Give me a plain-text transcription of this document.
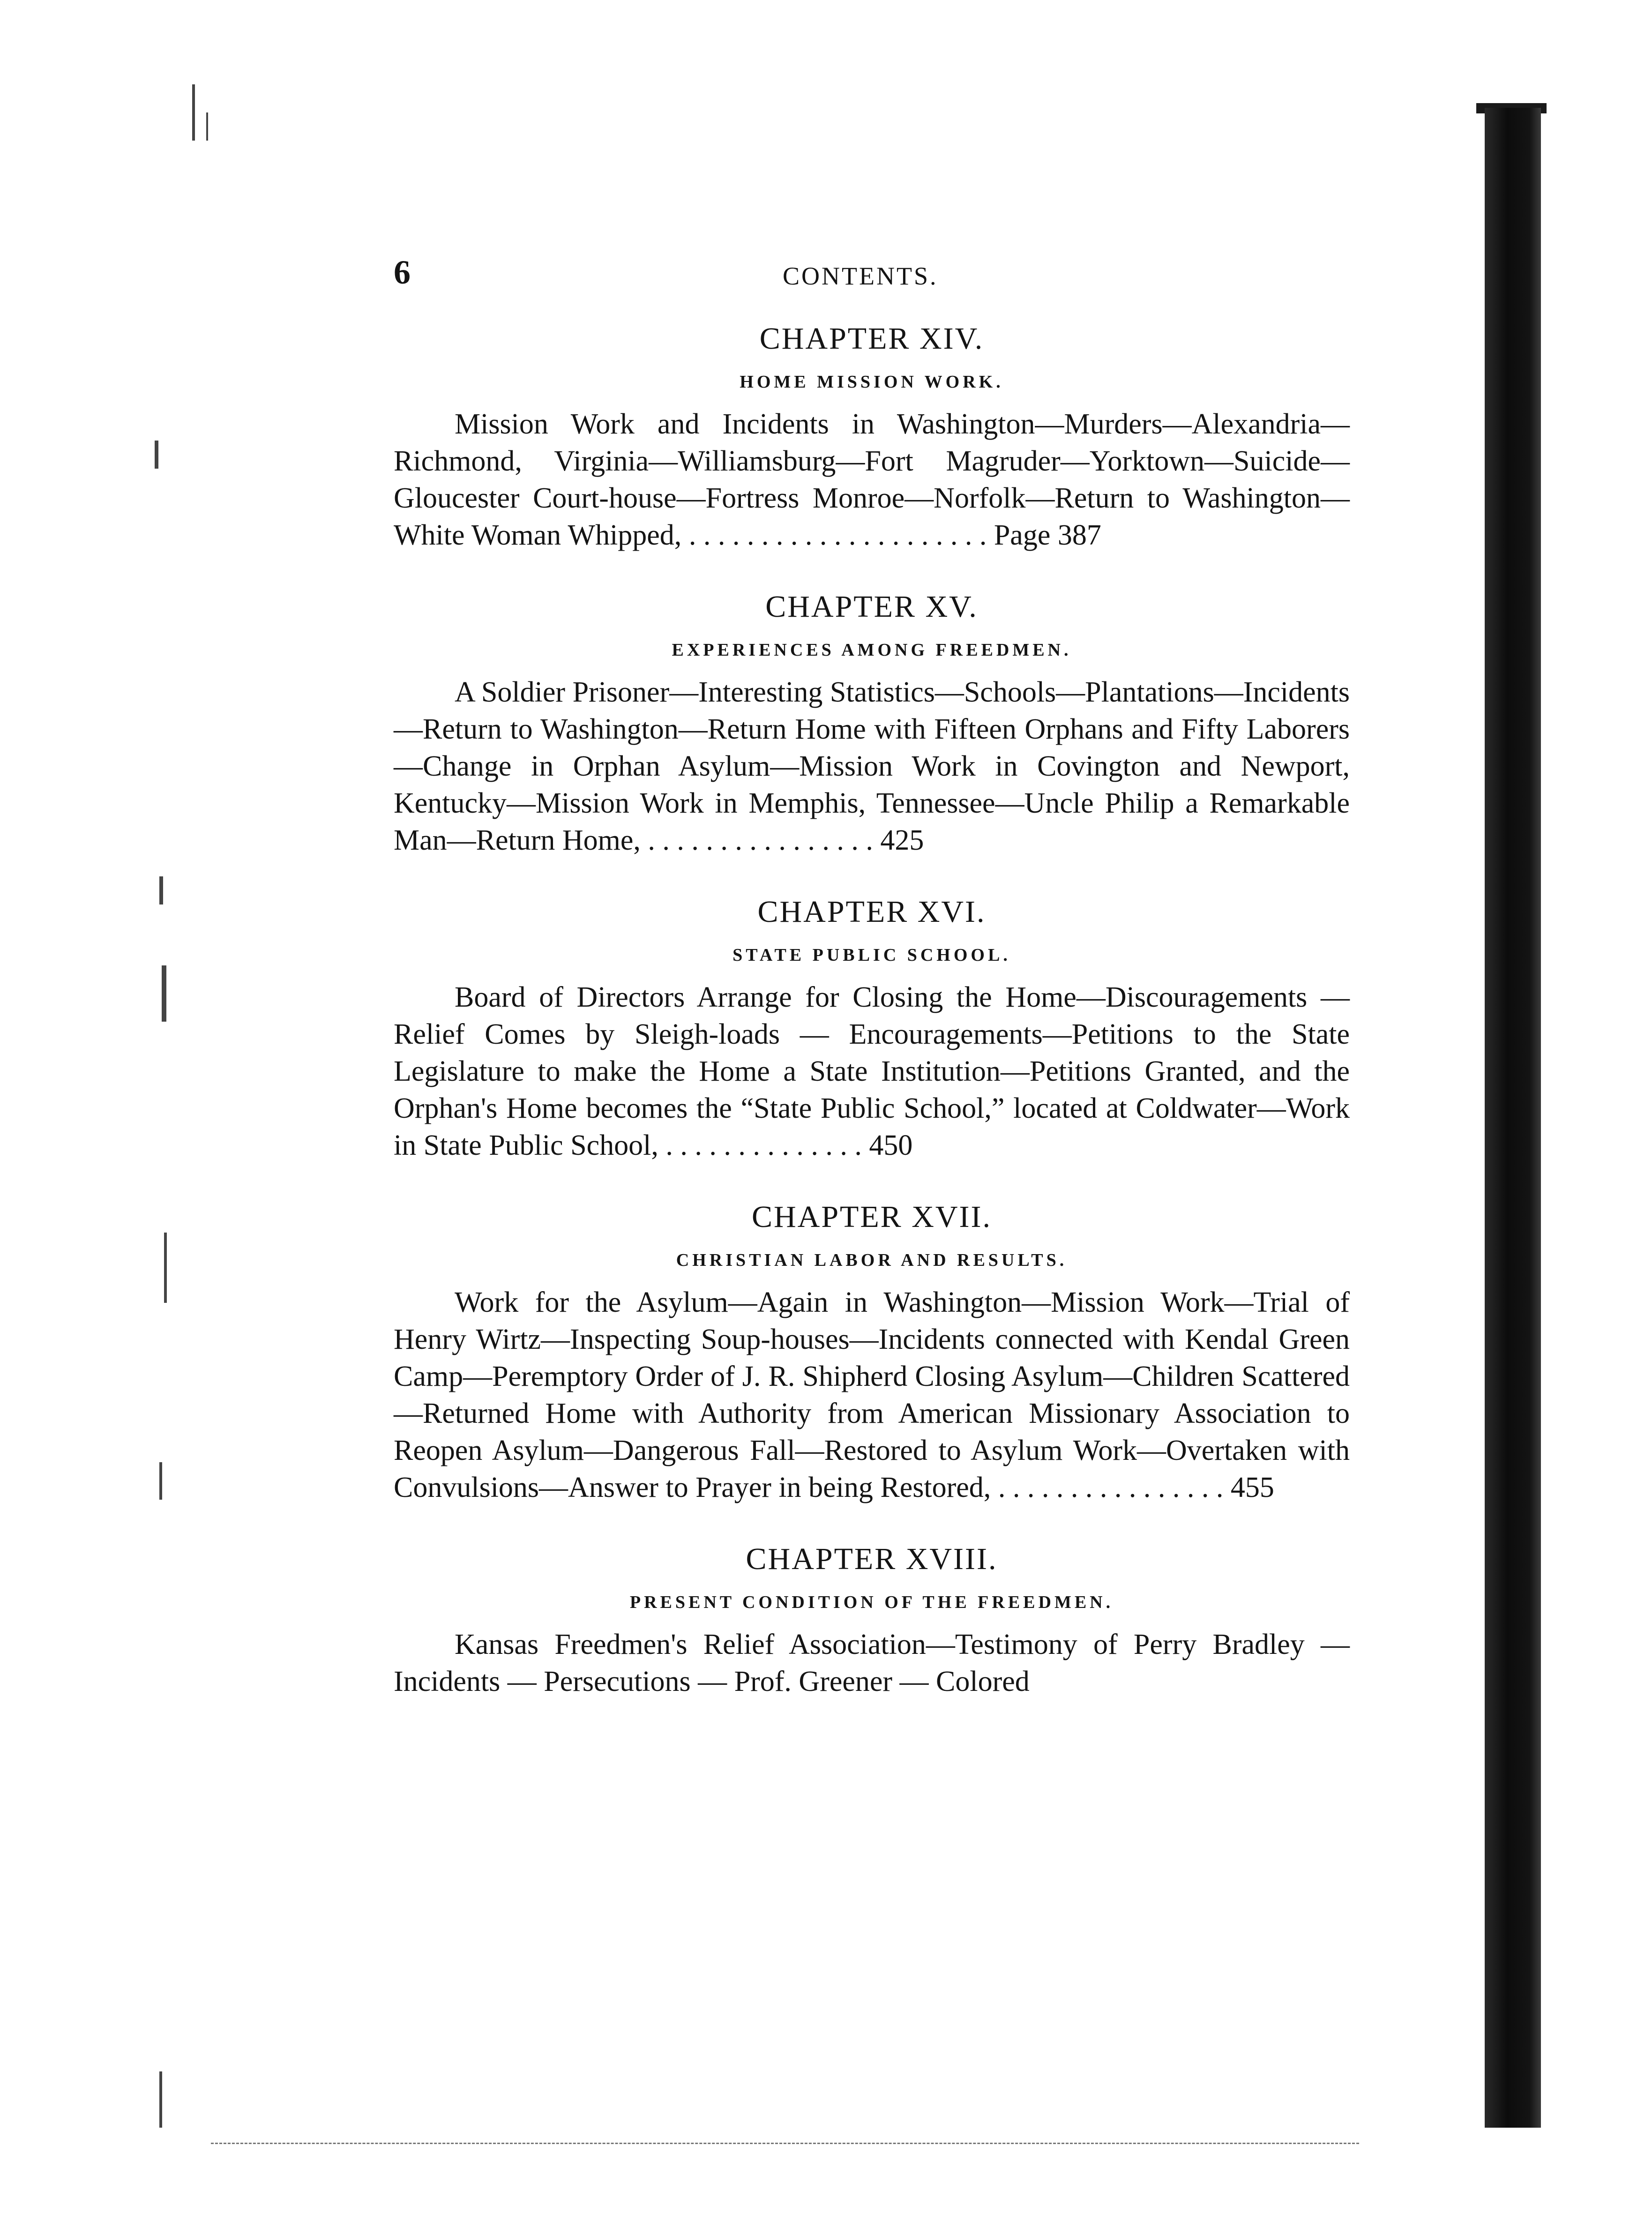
6	CONTENTS.
CHAPTER XIV.
HOME MISSION WORK.

Mission Work and Incidents in Washington—Murders—Alexandria—Richmond, Virginia—Williamsburg—Fort Magruder—Yorktown—Suicide—Gloucester Court-house—Fortress Monroe—Norfolk—Return to Washington—White Woman Whipped, . . . . . . . . . . . . . . . . . . . . . Page 387

CHAPTER XV.
EXPERIENCES AMONG FREEDMEN.

A Soldier Prisoner—Interesting Statistics—Schools—Plantations—Incidents—Return to Washington—Return Home with Fifteen Orphans and Fifty Laborers—Change in Orphan Asylum—Mission Work in Covington and Newport, Kentucky—Mission Work in Memphis, Tennessee—Uncle Philip a Remarkable Man—Return Home, . . . . . . . . . . . . . . . . 425

CHAPTER XVI.
STATE PUBLIC SCHOOL.

Board of Directors Arrange for Closing the Home—Discouragements — Relief Comes by Sleigh-loads — Encouragements—Petitions to the State Legislature to make the Home a State Institution—Petitions Granted, and the Orphan's Home becomes the “State Public School,” located at Coldwater—Work in State Public School, . . . . . . . . . . . . . . 450

CHAPTER XVII.
CHRISTIAN LABOR AND RESULTS.

Work for the Asylum—Again in Washington—Mission Work—Trial of Henry Wirtz—Inspecting Soup-houses—Incidents connected with Kendal Green Camp—Peremptory Order of J. R. Shipherd Closing Asylum—Children Scattered—Returned Home with Authority from American Missionary Association to Reopen Asylum—Dangerous Fall—Restored to Asylum Work—Overtaken with Convulsions—Answer to Prayer in being Restored, . . . . . . . . . . . . . . . . 455

CHAPTER XVIII.
PRESENT CONDITION OF THE FREEDMEN.

Kansas Freedmen's Relief Association—Testimony of Perry Bradley — Incidents — Persecutions — Prof. Greener — Colored
